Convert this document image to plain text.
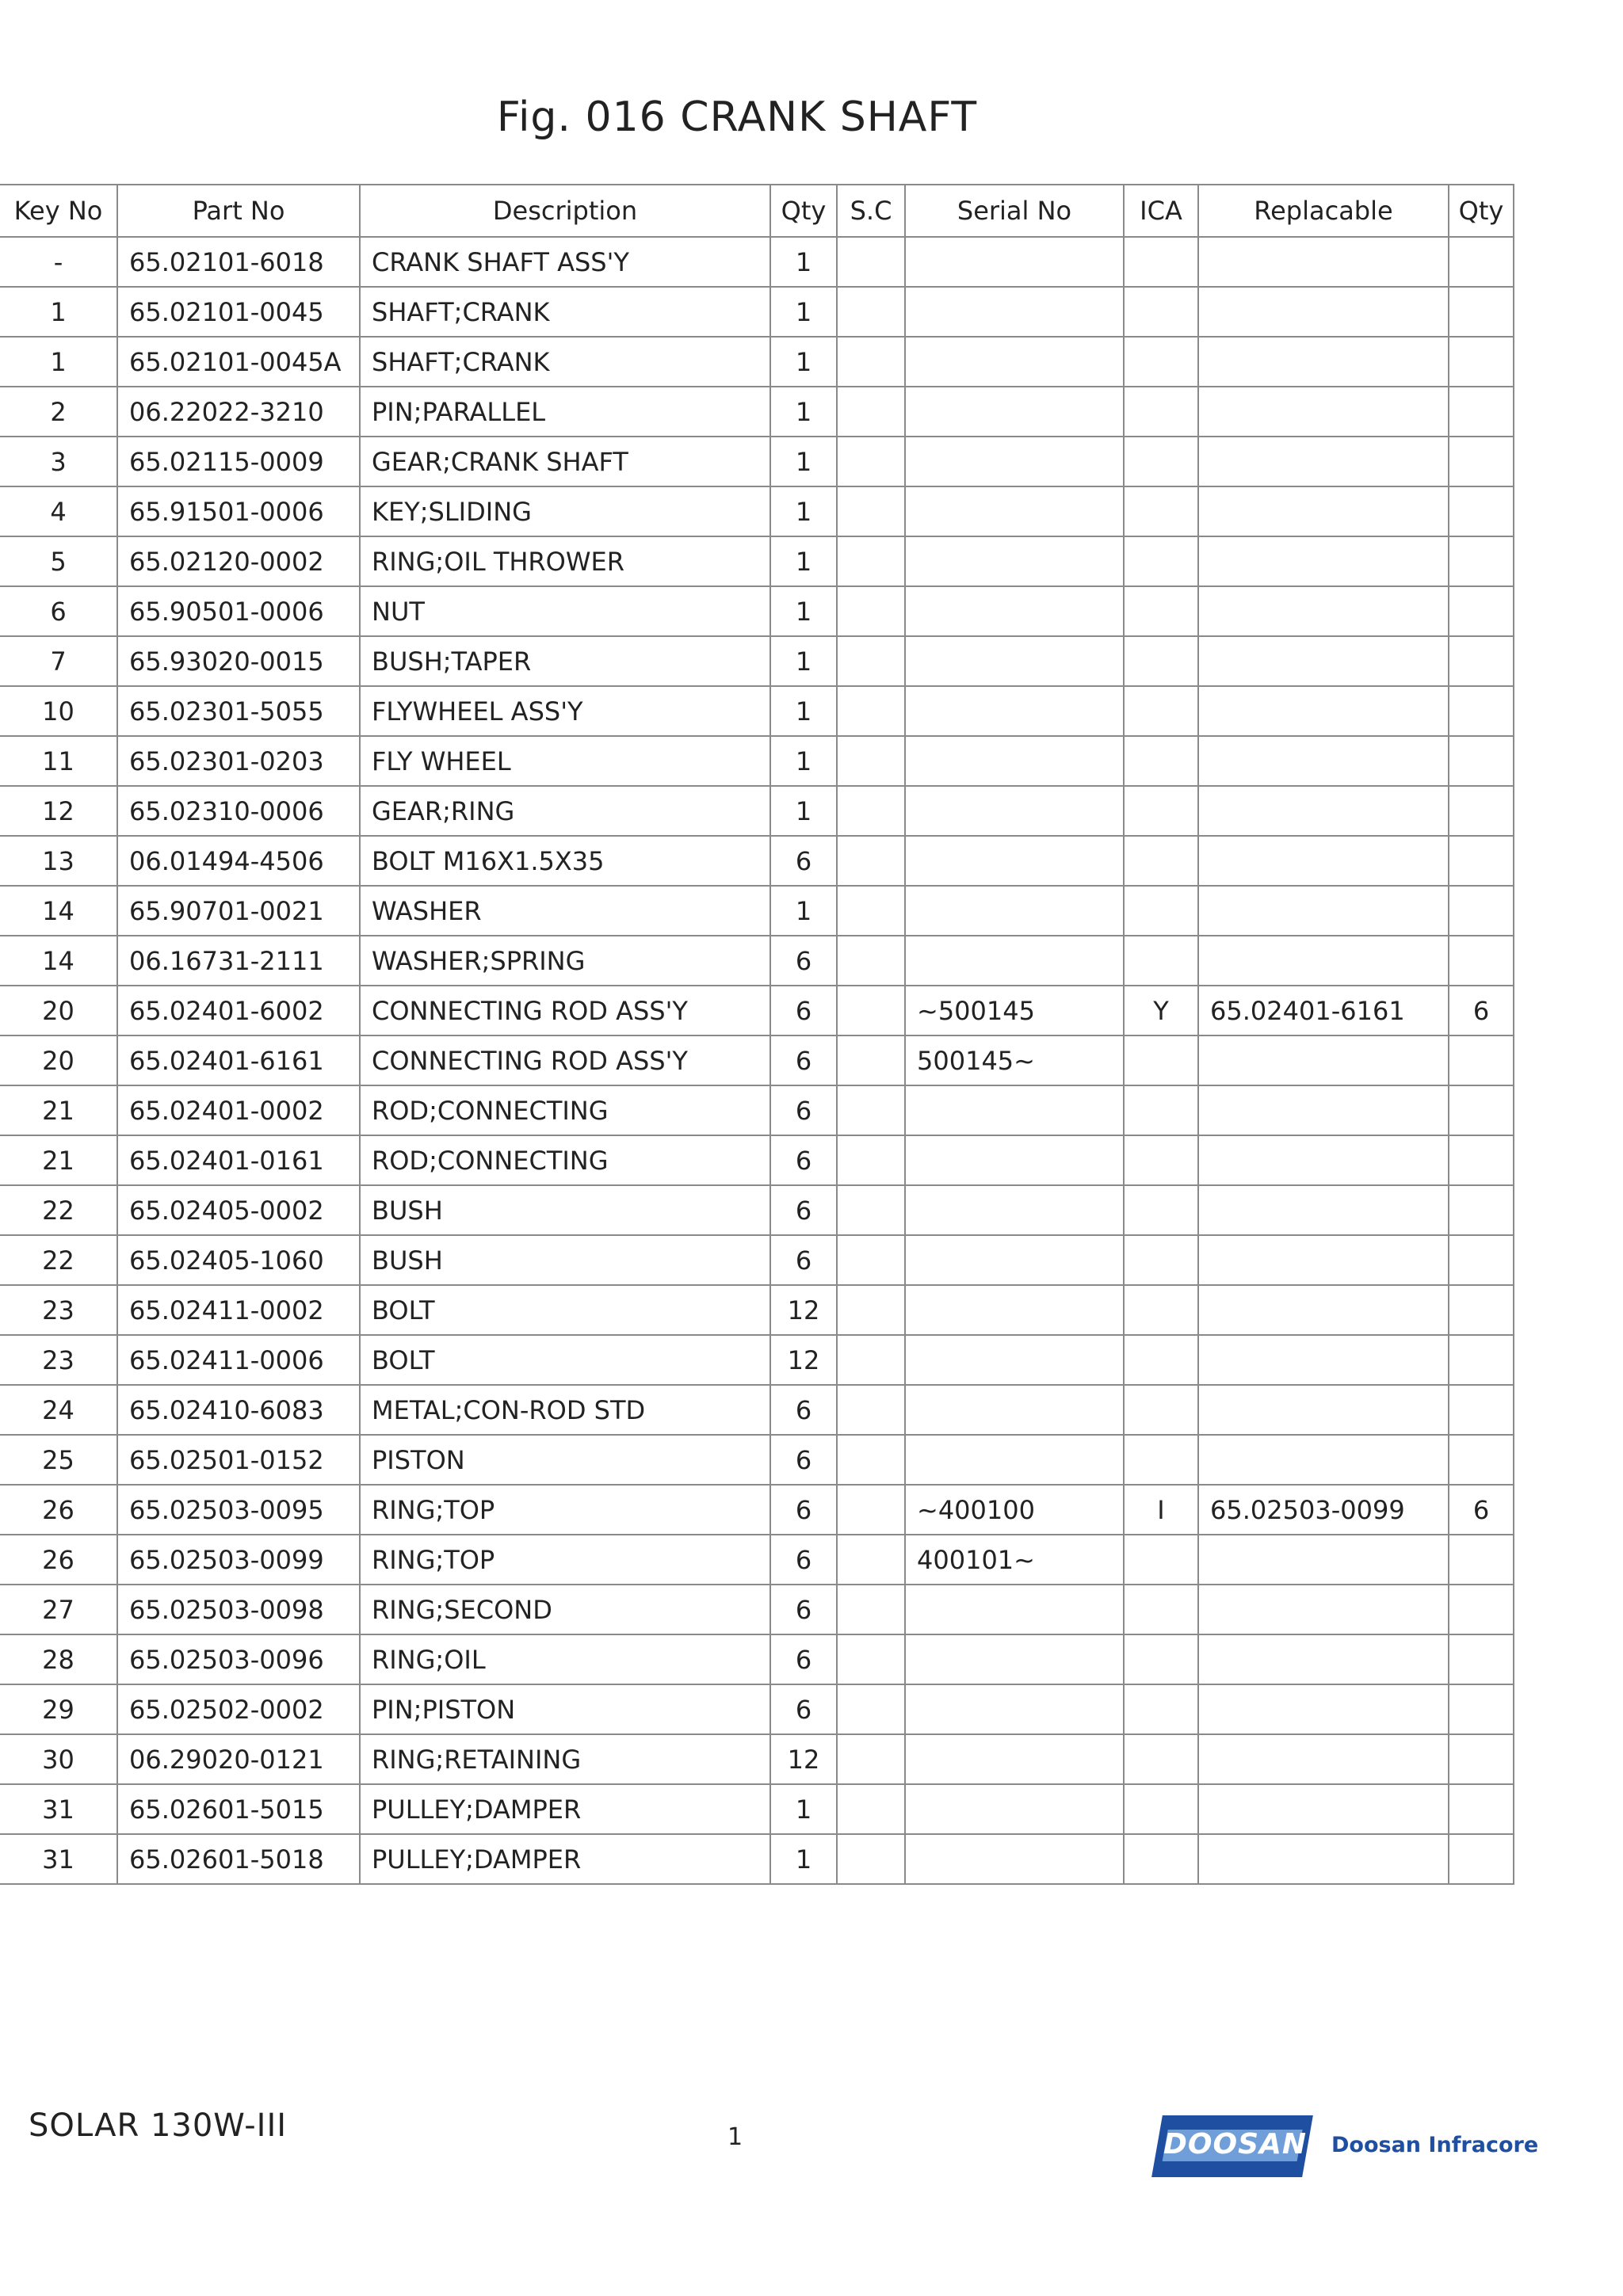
Fig. 016 CRANK SHAFT
Key No	Part No	Description	Qty	S.C	Serial No	ICA	Replacable	Qty
-	65.02101-6018	CRANK SHAFT ASS'Y	1					
1	65.02101-0045	SHAFT;CRANK	1					
1	65.02101-0045A	SHAFT;CRANK	1					
2	06.22022-3210	PIN;PARALLEL	1					
3	65.02115-0009	GEAR;CRANK SHAFT	1					
4	65.91501-0006	KEY;SLIDING	1					
5	65.02120-0002	RING;OIL THROWER	1					
6	65.90501-0006	NUT	1					
7	65.93020-0015	BUSH;TAPER	1					
10	65.02301-5055	FLYWHEEL ASS'Y	1					
11	65.02301-0203	FLY WHEEL	1					
12	65.02310-0006	GEAR;RING	1					
13	06.01494-4506	BOLT M16X1.5X35	6					
14	65.90701-0021	WASHER	1					
14	06.16731-2111	WASHER;SPRING	6					
20	65.02401-6002	CONNECTING ROD ASS'Y	6		~500145	Y	65.02401-6161	6
20	65.02401-6161	CONNECTING ROD ASS'Y	6		500145~			
21	65.02401-0002	ROD;CONNECTING	6					
21	65.02401-0161	ROD;CONNECTING	6					
22	65.02405-0002	BUSH	6					
22	65.02405-1060	BUSH	6					
23	65.02411-0002	BOLT	12					
23	65.02411-0006	BOLT	12					
24	65.02410-6083	METAL;CON-ROD STD	6					
25	65.02501-0152	PISTON	6					
26	65.02503-0095	RING;TOP	6		~400100	I	65.02503-0099	6
26	65.02503-0099	RING;TOP	6		400101~			
27	65.02503-0098	RING;SECOND	6					
28	65.02503-0096	RING;OIL	6					
29	65.02502-0002	PIN;PISTON	6					
30	06.29020-0121	RING;RETAINING	12					
31	65.02601-5015	PULLEY;DAMPER	1					
31	65.02601-5018	PULLEY;DAMPER	1					
SOLAR 130W-III	1	DOOSAN Doosan Infracore
